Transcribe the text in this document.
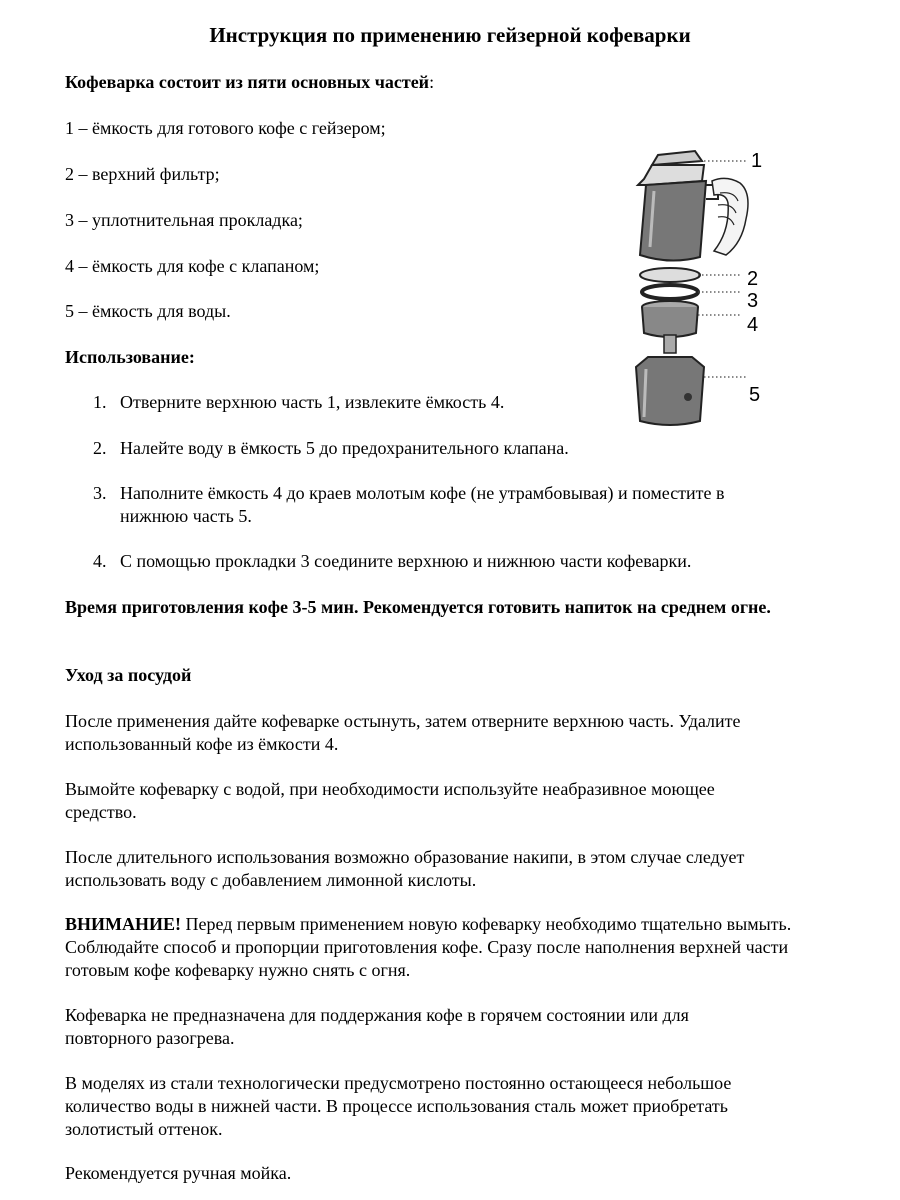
Инструкция по применению гейзерной кофеварки
Кофеварка состоит из пяти основных частей:
1 – ёмкость для готового кофе с гейзером;
2 – верхний фильтр;
3 – уплотнительная прокладка;
4 – ёмкость для кофе с клапаном;
5 – ёмкость для воды.
Использование:
1. Отверните верхнюю часть 1, извлеките ёмкость 4.
2. Налейте воду в ёмкость 5 до предохранительного клапана.
3. Наполните ёмкость 4 до краев молотым кофе (не утрамбовывая) и поместите в
нижнюю часть 5.
4. С помощью прокладки 3 соедините верхнюю и нижнюю части кофеварки.
Время приготовления кофе 3-5 мин. Рекомендуется готовить напиток на среднем огне.
Уход за посудой
После применения дайте кофеварке остынуть, затем отверните верхнюю часть. Удалите использованный кофе из ёмкости 4.
Вымойте кофеварку с водой, при необходимости используйте неабразивное моющее средство.
После длительного использования возможно образование накипи, в этом случае следует использовать воду с добавлением лимонной кислоты.
ВНИМАНИЕ! Перед первым применением новую кофеварку необходимо тщательно вымыть. Соблюдайте способ и пропорции приготовления кофе. Сразу после наполнения верхней части готовым кофе кофеварку нужно снять с огня.
Кофеварка не предназначена для поддержания кофе в горячем состоянии или для повторного разогрева.
В моделях из стали технологически предусмотрено постоянно остающееся небольшое количество воды в нижней части. В процессе использования сталь может приобретать золотистый оттенок.
Рекомендуется ручная мойка.
1
2
3
4
5
